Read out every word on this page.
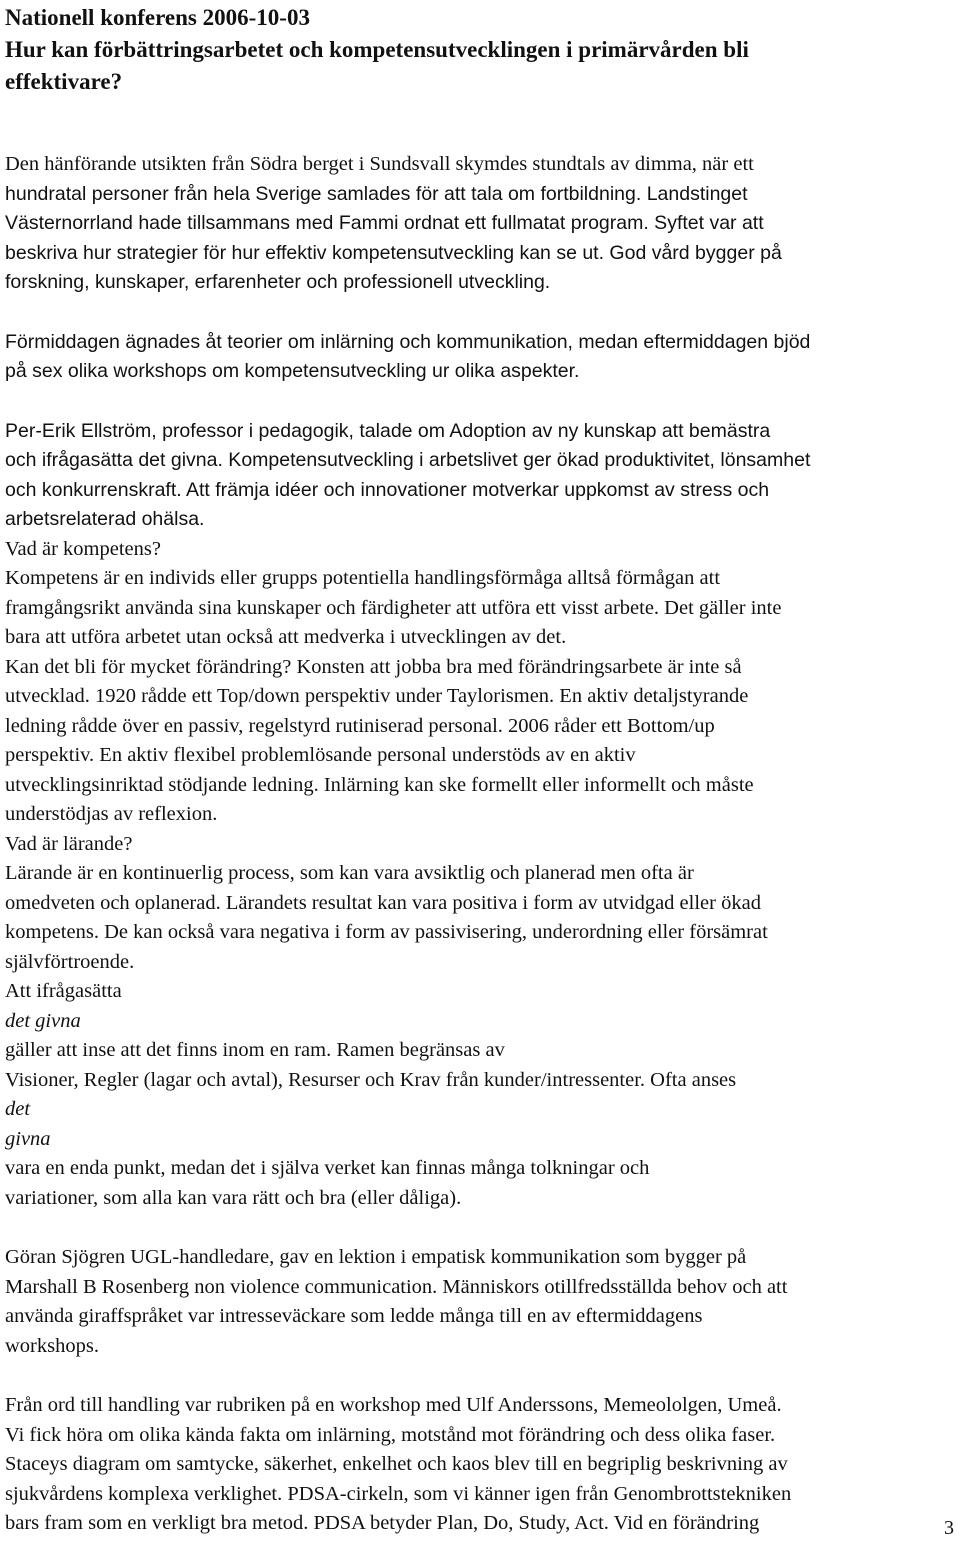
Nationell konferens 2006-10-03
Hur kan förbättringsarbetet och kompetensutvecklingen i primärvården bli
effektivare?

Den hänförande utsikten från Södra berget i Sundsvall skymdes stundtals av dimma, när ett
hundratal personer från hela Sverige samlades för att tala om fortbildning. Landstinget
Västernorrland hade tillsammans med Fammi ordnat ett fullmatat program. Syftet var att
beskriva hur strategier för hur effektiv kompetensutveckling kan se ut. God vård bygger på
forskning, kunskaper, erfarenheter och professionell utveckling.

Förmiddagen ägnades åt teorier om inlärning och kommunikation, medan eftermiddagen bjöd
på sex olika workshops om kompetensutveckling ur olika aspekter.

Per-Erik Ellström, professor i pedagogik, talade om Adoption av ny kunskap att bemästra
och ifrågasätta det givna. Kompetensutveckling i arbetslivet ger ökad produktivitet, lönsamhet
och konkurrenskraft. Att främja idéer och innovationer motverkar uppkomst av stress och
arbetsrelaterad ohälsa.

Vad är kompetens?
Kompetens är en individs eller grupps potentiella handlingsförmåga alltså förmågan att
framgångsrikt använda sina kunskaper och färdigheter att utföra ett visst arbete. Det gäller inte
bara att utföra arbetet utan också att medverka i utvecklingen av det.
Kan det bli för mycket förändring? Konsten att jobba bra med förändringsarbete är inte så
utvecklad. 1920 rådde ett Top/down perspektiv under Taylorismen. En aktiv detaljstyrande
ledning rådde över en passiv, regelstyrd rutiniserad personal. 2006 råder ett Bottom/up
perspektiv. En aktiv flexibel problemlösande personal understöds av en aktiv
utvecklingsinriktad stödjande ledning. Inlärning kan ske formellt eller informellt och måste
understödjas av reflexion.
Vad är lärande?
Lärande är en kontinuerlig process, som kan vara avsiktlig och planerad men ofta är
omedveten och oplanerad. Lärandets resultat kan vara positiva i form av utvidgad eller ökad
kompetens. De kan också vara negativa i form av passivisering, underordning eller försämrat
självförtroende.
Att ifrågasätta
det givna
gäller att inse att det finns inom en ram. Ramen begränsas av
Visioner, Regler (lagar och avtal), Resurser och Krav från kunder/intressenter. Ofta anses
det
givna
vara en enda punkt, medan det i själva verket kan finnas många tolkningar och
variationer, som alla kan vara rätt och bra (eller dåliga).

Göran Sjögren UGL-handledare, gav en lektion i empatisk kommunikation som bygger på
Marshall B Rosenberg non violence communication. Människors otillfredsställda behov och att
använda giraffspråket var intresseväckare som ledde många till en av eftermiddagens
workshops.

Från ord till handling var rubriken på en workshop med Ulf Anderssons, Memeololgen, Umeå.
Vi fick höra om olika kända fakta om inlärning, motstånd mot förändring och dess olika faser.
Staceys diagram om samtycke, säkerhet, enkelhet och kaos blev till en begriplig beskrivning av
sjukvårdens komplexa verklighet. PDSA-cirkeln, som vi känner igen från Genombrottstekniken
bars fram som en verkligt bra metod. PDSA betyder Plan, Do, Study, Act. Vid en förändring	3
